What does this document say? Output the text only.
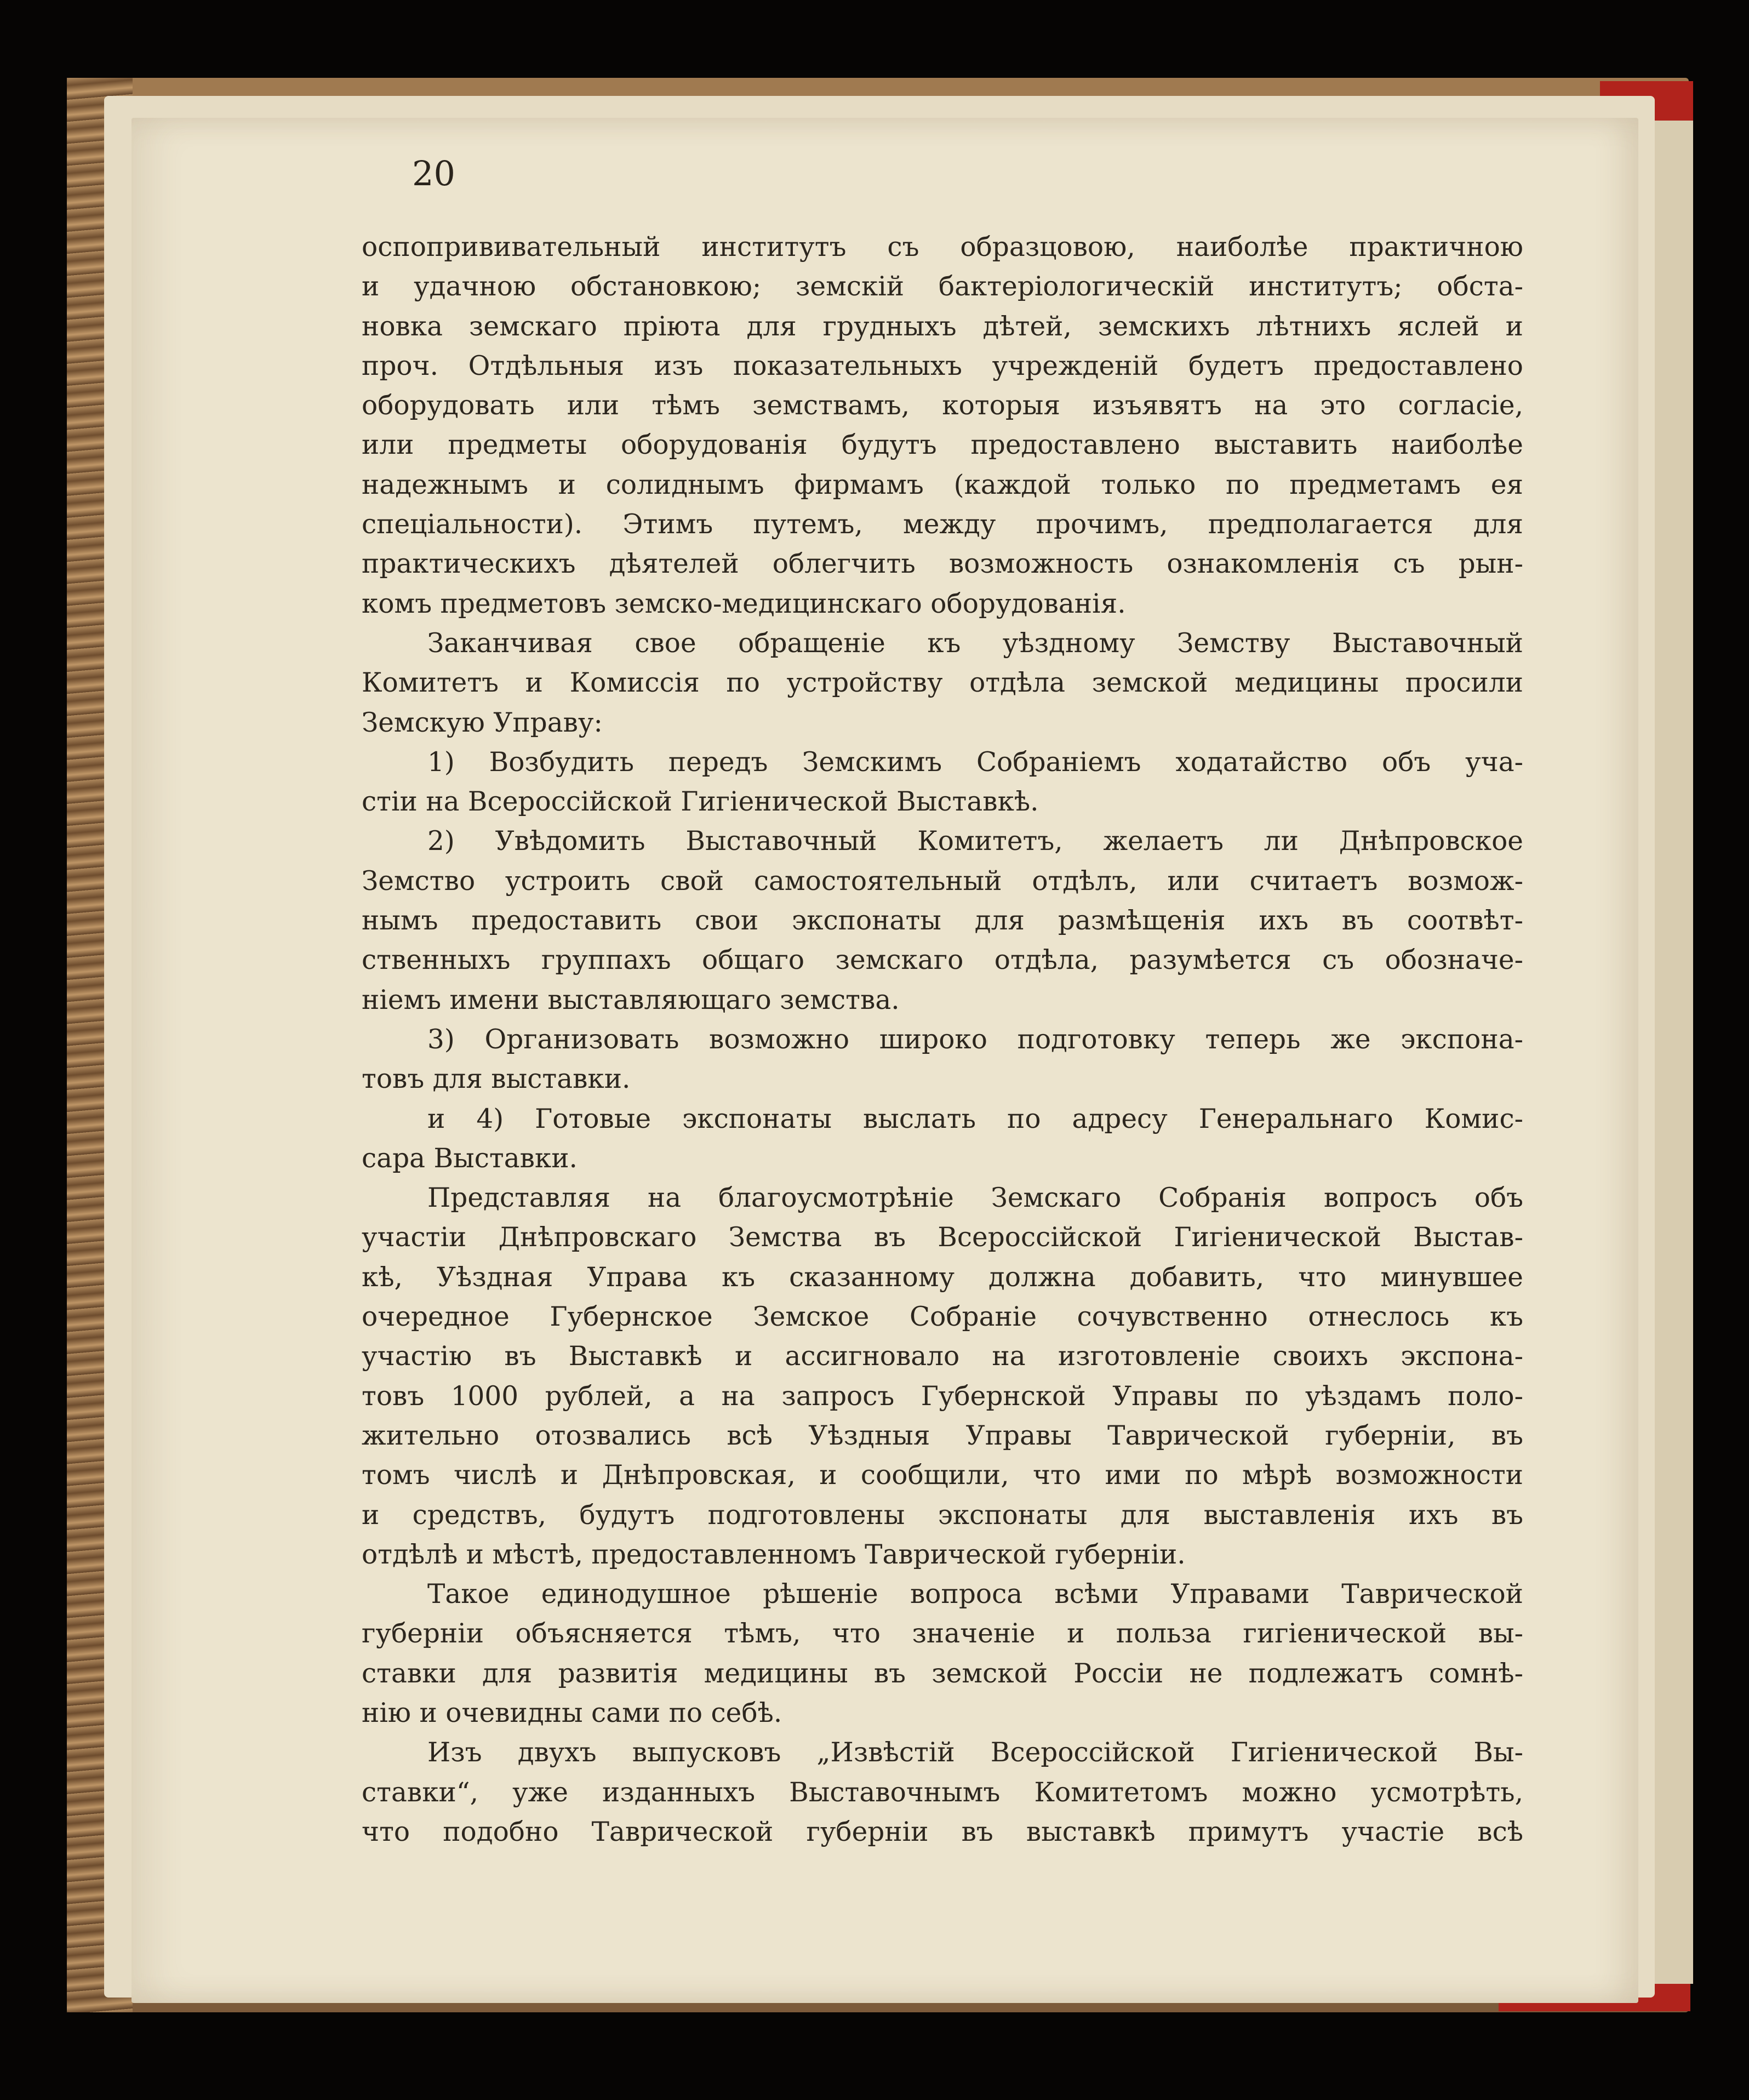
20
оспопрививательный институтъ съ образцовою, наиболѣе практичною
и удачною обстановкою; земскiй бактерiологическiй институтъ; обста-
новка земскаго прiюта для грудныхъ дѣтей, земскихъ лѣтнихъ яслей и
проч. Отдѣльныя изъ показательныхъ учрежденiй будетъ предоставлено
оборудовать или тѣмъ земствамъ, которыя изъявятъ на это согласiе,
или предметы оборудованiя будутъ предоставлено выставить наиболѣе
надежнымъ и солиднымъ фирмамъ (каждой только по предметамъ ея
спецiальности). Этимъ путемъ, между прочимъ, предполагается для
практическихъ дѣятелей облегчить возможность ознакомленiя съ рын-
комъ предметовъ земско-медицинскаго оборудованiя.
Заканчивая свое обращенiе къ уѣздному Земству Выставочный
Комитетъ и Комиссiя по устройству отдѣла земской медицины просили
Земскую Управу:
1) Возбудить передъ Земскимъ Собранiемъ ходатайство объ уча-
стiи на Всероссiйской Гигiенической Выставкѣ.
2) Увѣдомить Выставочный Комитетъ, желаетъ ли Днѣпровское
Земство устроить свой самостоятельный отдѣлъ, или считаетъ возмож-
нымъ предоставить свои экспонаты для размѣщенiя ихъ въ соотвѣт-
ственныхъ группахъ общаго земскаго отдѣла, разумѣется съ обозначе-
нiемъ имени выставляющаго земства.
3) Организовать возможно широко подготовку теперь же экспона-
товъ для выставки.
и 4) Готовые экспонаты выслать по адресу Генеральнаго Комис-
сара Выставки.
Представляя на благоусмотрѣнiе Земскаго Собранiя вопросъ объ
участiи Днѣпровскаго Земства въ Всероссiйской Гигiенической Выстав-
кѣ, Уѣздная Управа къ сказанному должна добавить, что минувшее
очередное Губернское Земское Собранiе сочувственно отнеслось къ
участiю въ Выставкѣ и ассигновало на изготовленiе своихъ экспона-
товъ 1000 рублей, а на запросъ Губернской Управы по уѣздамъ поло-
жительно отозвались всѣ Уѣздныя Управы Таврической губернiи, въ
томъ числѣ и Днѣпровская, и сообщили, что ими по мѣрѣ возможности
и средствъ, будутъ подготовлены экспонаты для выставленiя ихъ въ
отдѣлѣ и мѣстѣ, предоставленномъ Таврической губернiи.
Такое единодушное рѣшенiе вопроса всѣми Управами Таврической
губернiи объясняется тѣмъ, что значенiе и польза гигiенической вы-
ставки для развитiя медицины въ земской Россiи не подлежатъ сомнѣ-
нiю и очевидны сами по себѣ.
Изъ двухъ выпусковъ „Извѣстiй Всероссiйской Гигiенической Вы-
ставки“, уже изданныхъ Выставочнымъ Комитетомъ можно усмотрѣть,
что подобно Таврической губернiи въ выставкѣ примутъ участiе всѣ
